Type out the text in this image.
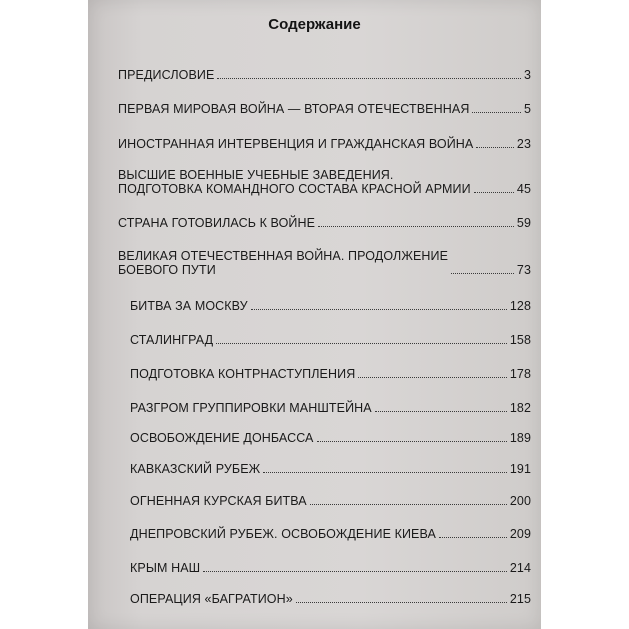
Содержание
ПРЕДИСЛОВИЕ	3
ПЕРВАЯ МИРОВАЯ ВОЙНА — ВТОРАЯ ОТЕЧЕСТВЕННАЯ	5
ИНОСТРАННАЯ ИНТЕРВЕНЦИЯ И ГРАЖДАНСКАЯ ВОЙНА	23
ВЫСШИЕ ВОЕННЫЕ УЧЕБНЫЕ ЗАВЕДЕНИЯ.
ПОДГОТОВКА КОМАНДНОГО СОСТАВА КРАСНОЙ АРМИИ	45
СТРАНА ГОТОВИЛАСЬ К ВОЙНЕ	59
ВЕЛИКАЯ ОТЕЧЕСТВЕННАЯ ВОЙНА. ПРОДОЛЖЕНИЕ
БОЕВОГО ПУТИ	73
БИТВА ЗА МОСКВУ	128
СТАЛИНГРАД	158
ПОДГОТОВКА КОНТРНАСТУПЛЕНИЯ	178
РАЗГРОМ ГРУППИРОВКИ МАНШТЕЙНА	182
ОСВОБОЖДЕНИЕ ДОНБАССА	189
КАВКАЗСКИЙ РУБЕЖ	191
ОГНЕННАЯ КУРСКАЯ БИТВА	200
ДНЕПРОВСКИЙ РУБЕЖ. ОСВОБОЖДЕНИЕ КИЕВА	209
КРЫМ НАШ	214
ОПЕРАЦИЯ «БАГРАТИОН»	215
